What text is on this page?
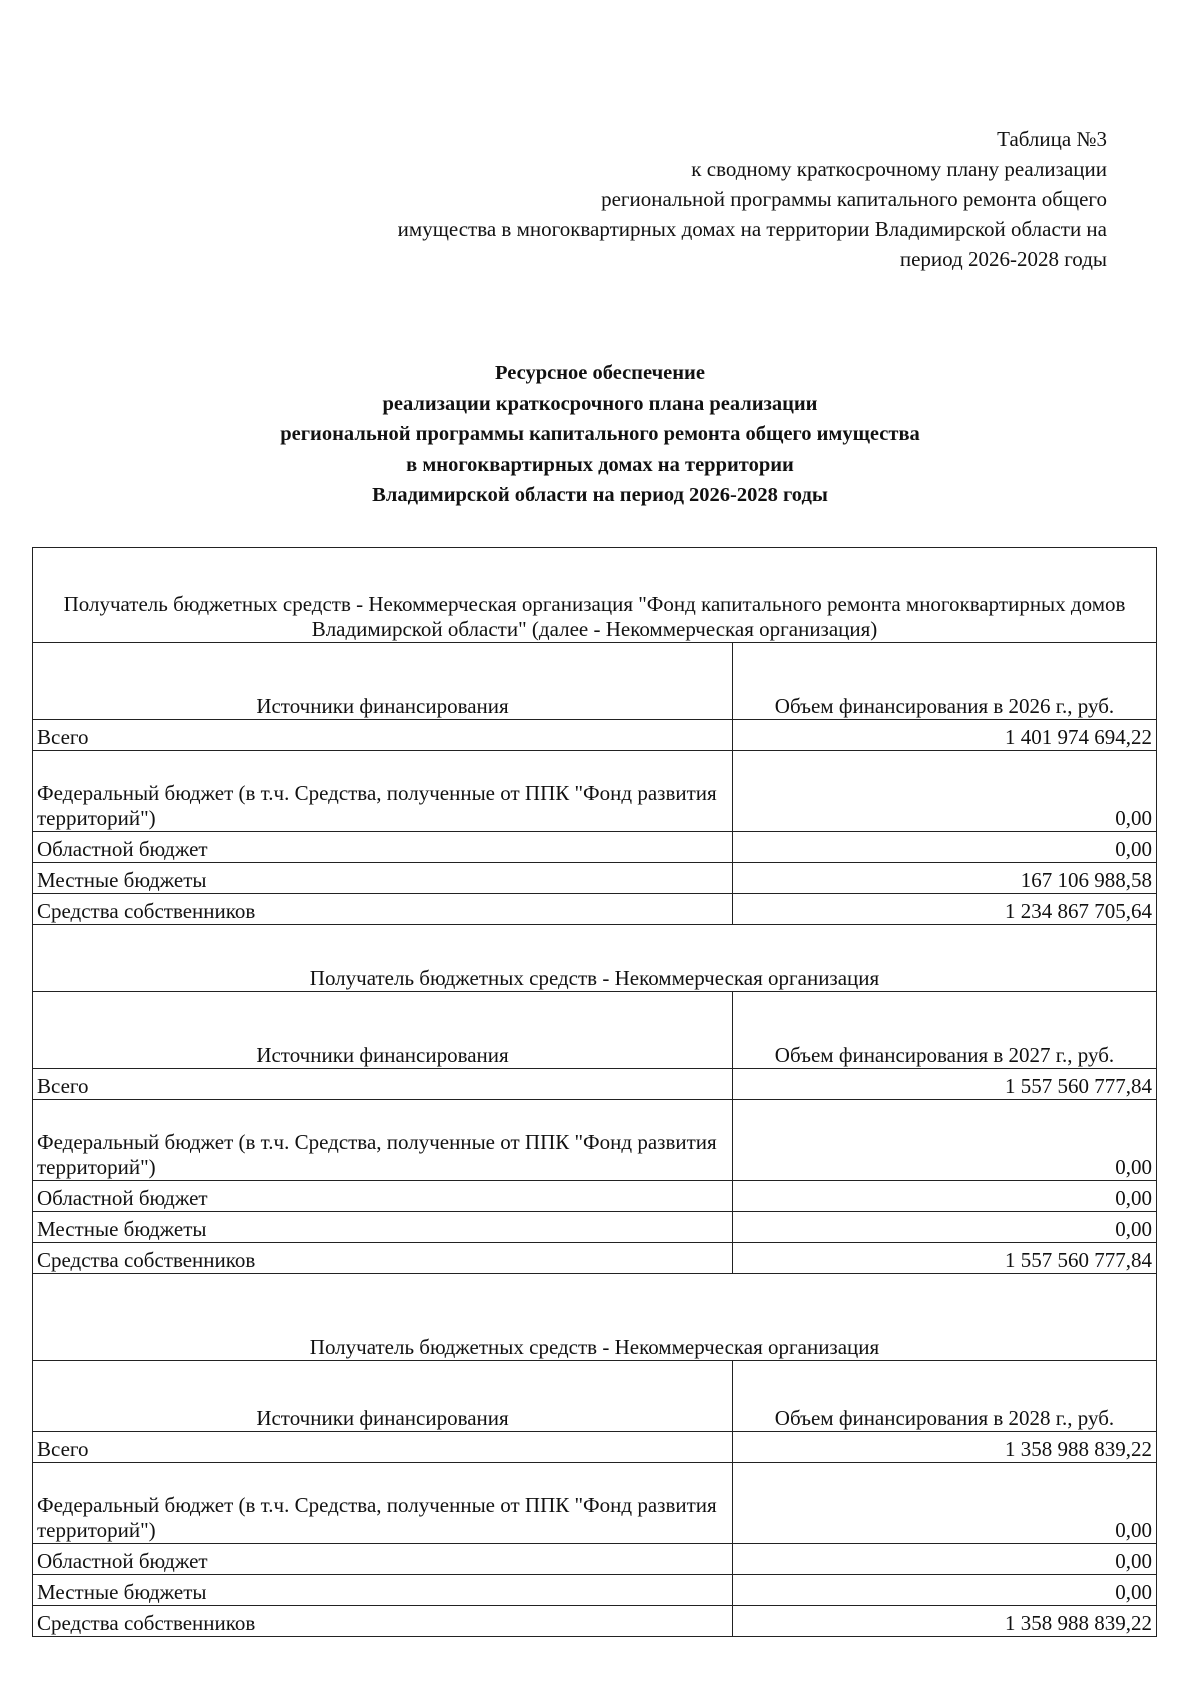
Таблица №3
к сводному краткосрочному плану реализации
региональной программы капитального ремонта общего
имущества в многоквартирных домах на территории Владимирской области на
период 2026-2028 годы
Ресурсное обеспечение
реализации краткосрочного плана реализации
региональной программы капитального ремонта общего имущества
в многоквартирных домах на территории
Владимирской области на период 2026-2028 годы
Получатель бюджетных средств - Некоммерческая организация "Фонд капитального ремонта многоквартирных домов Владимирской области" (далее - Некоммерческая организация)	
Источники финансирования	Объем финансирования в 2026 г., руб.
Всего	1 401 974 694,22
Федеральный бюджет (в т.ч. Средства, полученные от ППК "Фонд развития территорий")	0,00
Областной бюджет	0,00
Местные бюджеты	167 106 988,58
Средства собственников	1 234 867 705,64
Получатель бюджетных средств - Некоммерческая организация	
Источники финансирования	Объем финансирования в 2027 г., руб.
Всего	1 557 560 777,84
Федеральный бюджет (в т.ч. Средства, полученные от ППК "Фонд развития территорий")	0,00
Областной бюджет	0,00
Местные бюджеты	0,00
Средства собственников	1 557 560 777,84
Получатель бюджетных средств - Некоммерческая организация	
Источники финансирования	Объем финансирования в 2028 г., руб.
Всего	1 358 988 839,22
Федеральный бюджет (в т.ч. Средства, полученные от ППК "Фонд развития территорий")	0,00
Областной бюджет	0,00
Местные бюджеты	0,00
Средства собственников	1 358 988 839,22
